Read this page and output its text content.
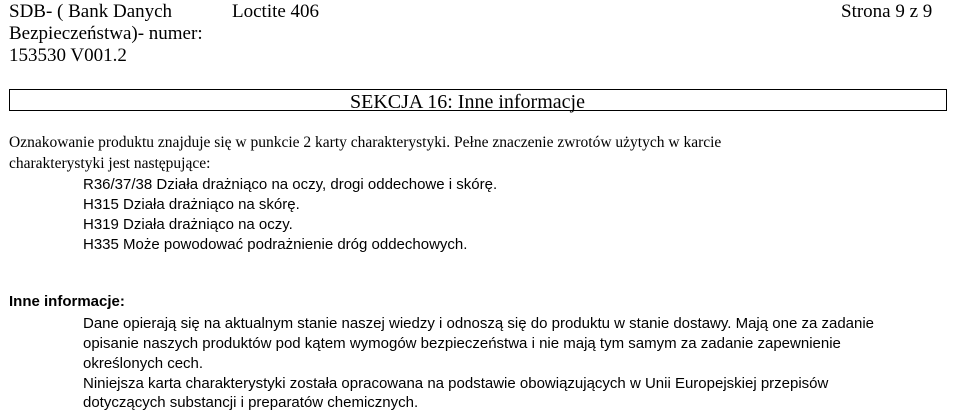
SDB- ( Bank Danych
Bezpieczeństwa)- numer:
153530 V001.2
Loctite 406	Strona 9 z 9
SEKCJA 16: Inne informacje
Oznakowanie produktu znajduje się w punkcie 2 karty charakterystyki. Pełne znaczenie zwrotów użytych w karcie
charakterystyki jest następujące:
R36/37/38 Działa drażniąco na oczy, drogi oddechowe i skórę.
H315 Działa drażniąco na skórę.
H319 Działa drażniąco na oczy.
H335 Może powodować podrażnienie dróg oddechowych.
Inne informacje:
Dane opierają się na aktualnym stanie naszej wiedzy i odnoszą się do produktu w stanie dostawy. Mają one za zadanie
opisanie naszych produktów pod kątem wymogów bezpieczeństwa i nie mają tym samym za zadanie zapewnienie
określonych cech.
Niniejsza karta charakterystyki została opracowana na podstawie obowiązujących w Unii Europejskiej przepisów
dotyczących substancji i preparatów chemicznych.
